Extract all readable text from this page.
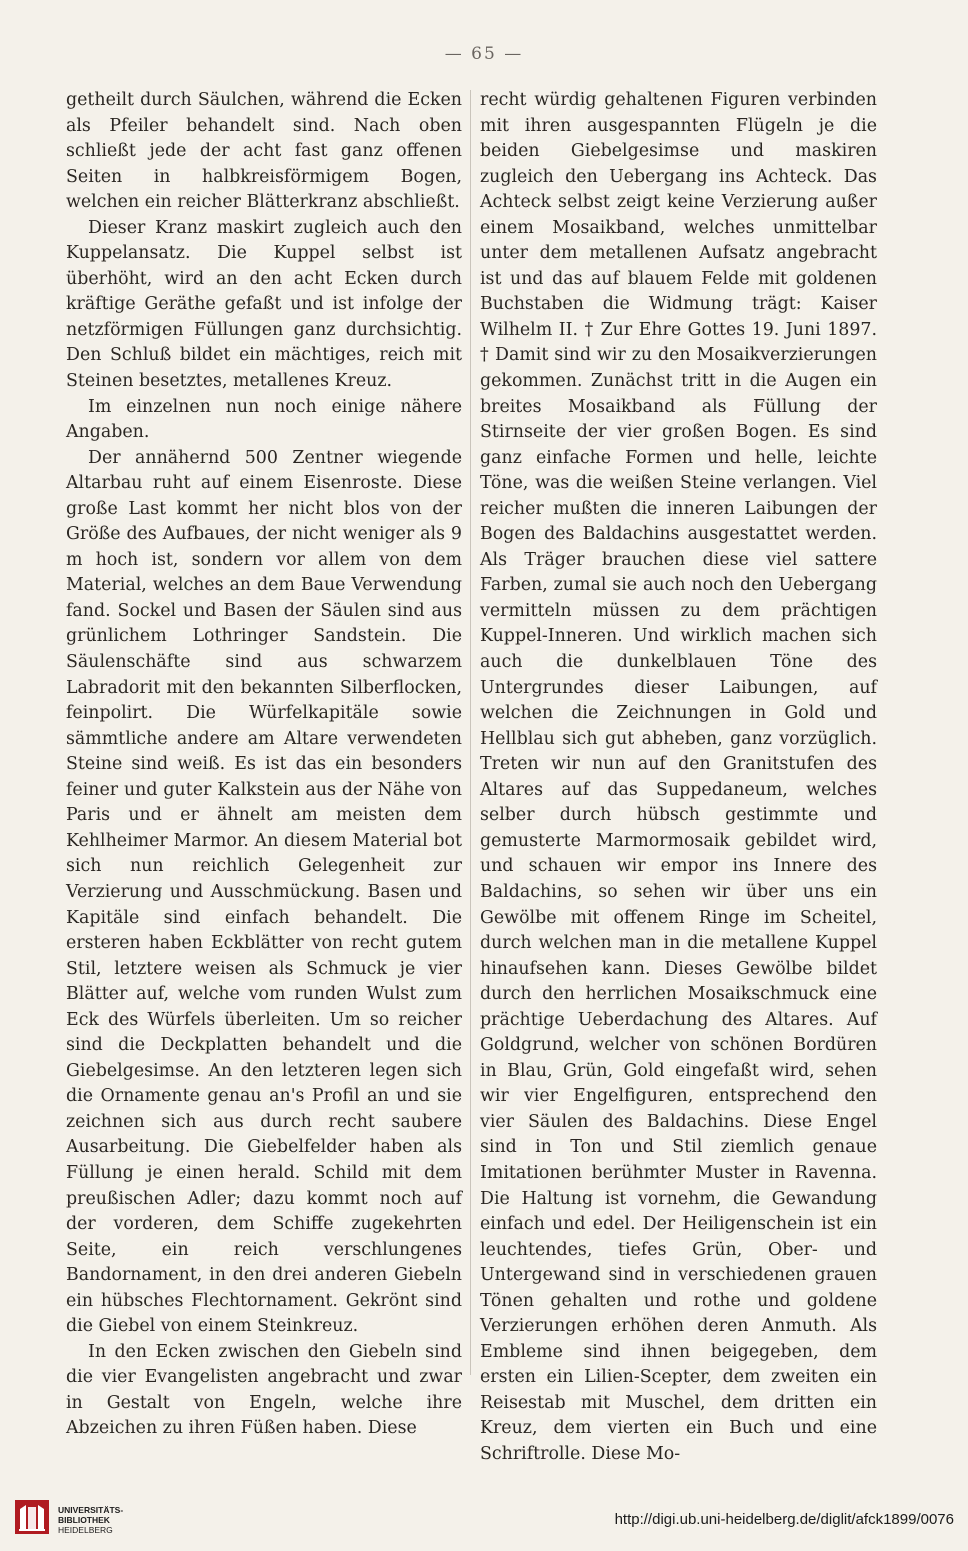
— 65 —

getheilt durch Säulchen, während die Ecken als Pfeiler behandelt sind. Nach oben schließt jede der acht fast ganz offenen Seiten in halbkreisförmigem Bogen, welchen ein reicher Blätterkranz abschließt.

Dieser Kranz maskirt zugleich auch den Kuppelansatz. Die Kuppel selbst ist überhöht, wird an den acht Ecken durch kräftige Geräthe gefaßt und ist infolge der netzförmigen Füllungen ganz durchsichtig. Den Schluß bildet ein mächtiges, reich mit Steinen besetztes, metallenes Kreuz.

Im einzelnen nun noch einige nähere Angaben.

Der annähernd 500 Zentner wiegende Altarbau ruht auf einem Eisenroste. Diese große Last kommt her nicht blos von der Größe des Aufbaues, der nicht weniger als 9 m hoch ist, sondern vor allem von dem Material, welches an dem Baue Verwendung fand. Sockel und Basen der Säulen sind aus grünlichem Lothringer Sandstein. Die Säulenschäfte sind aus schwarzem Labradorit mit den bekannten Silberflocken, feinpolirt. Die Würfelkapitäle sowie sämmtliche andere am Altare verwendeten Steine sind weiß. Es ist das ein besonders feiner und guter Kalkstein aus der Nähe von Paris und er ähnelt am meisten dem Kehlheimer Marmor. An diesem Material bot sich nun reichlich Gelegenheit zur Verzierung und Ausschmückung. Basen und Kapitäle sind einfach behandelt. Die ersteren haben Eckblätter von recht gutem Stil, letztere weisen als Schmuck je vier Blätter auf, welche vom runden Wulst zum Eck des Würfels überleiten. Um so reicher sind die Deckplatten behandelt und die Giebelgesimse. An den letzteren legen sich die Ornamente genau an's Profil an und sie zeichnen sich aus durch recht saubere Ausarbeitung. Die Giebelfelder haben als Füllung je einen herald. Schild mit dem preußischen Adler; dazu kommt noch auf der vorderen, dem Schiffe zugekehrten Seite, ein reich verschlungenes Bandornament, in den drei anderen Giebeln ein hübsches Flechtornament. Gekrönt sind die Giebel von einem Steinkreuz.

In den Ecken zwischen den Giebeln sind die vier Evangelisten angebracht und zwar in Gestalt von Engeln, welche ihre Abzeichen zu ihren Füßen haben. Diese

recht würdig gehaltenen Figuren verbinden mit ihren ausgespannten Flügeln je die beiden Giebelgesimse und maskiren zugleich den Uebergang ins Achteck. Das Achteck selbst zeigt keine Verzierung außer einem Mosaikband, welches unmittelbar unter dem metallenen Aufsatz angebracht ist und das auf blauem Felde mit goldenen Buchstaben die Widmung trägt: Kaiser Wilhelm II. † Zur Ehre Gottes 19. Juni 1897. † Damit sind wir zu den Mosaikverzierungen gekommen. Zunächst tritt in die Augen ein breites Mosaikband als Füllung der Stirnseite der vier großen Bogen. Es sind ganz einfache Formen und helle, leichte Töne, was die weißen Steine verlangen. Viel reicher mußten die inneren Laibungen der Bogen des Baldachins ausgestattet werden. Als Träger brauchen diese viel sattere Farben, zumal sie auch noch den Uebergang vermitteln müssen zu dem prächtigen Kuppel-Inneren. Und wirklich machen sich auch die dunkelblauen Töne des Untergrundes dieser Laibungen, auf welchen die Zeichnungen in Gold und Hellblau sich gut abheben, ganz vorzüglich. Treten wir nun auf den Granitstufen des Altares auf das Suppedaneum, welches selber durch hübsch gestimmte und gemusterte Marmormosaik gebildet wird, und schauen wir empor ins Innere des Baldachins, so sehen wir über uns ein Gewölbe mit offenem Ringe im Scheitel, durch welchen man in die metallene Kuppel hinaufsehen kann. Dieses Gewölbe bildet durch den herrlichen Mosaikschmuck eine prächtige Ueberdachung des Altares. Auf Goldgrund, welcher von schönen Bordüren in Blau, Grün, Gold eingefaßt wird, sehen wir vier Engelfiguren, entsprechend den vier Säulen des Baldachins. Diese Engel sind in Ton und Stil ziemlich genaue Imitationen berühmter Muster in Ravenna. Die Haltung ist vornehm, die Gewandung einfach und edel. Der Heiligenschein ist ein leuchtendes, tiefes Grün, Ober- und Untergewand sind in verschiedenen grauen Tönen gehalten und rothe und goldene Verzierungen erhöhen deren Anmuth. Als Embleme sind ihnen beigegeben, dem ersten ein Lilien-Scepter, dem zweiten ein Reisestab mit Muschel, dem dritten ein Kreuz, dem vierten ein Buch und eine Schriftrolle. Diese Mo-

UNIVERSITÄTS-
BIBLIOTHEK
HEIDELBERG
http://digi.ub.uni-heidelberg.de/diglit/afck1899/0076
